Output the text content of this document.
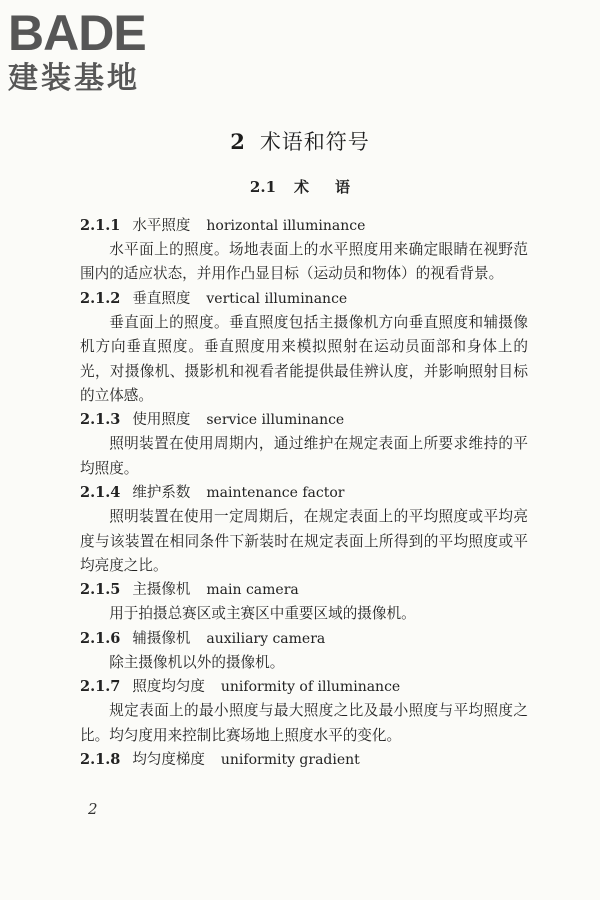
BADE
建装基地
2 术语和符号
2.1 术 语
2.1.1 水平照度 horizontal illuminance

水平面上的照度。场地表面上的水平照度用来确定眼睛在视野范围内的适应状态，并用作凸显目标（运动员和物体）的视看背景。

2.1.2 垂直照度 vertical illuminance

垂直面上的照度。垂直照度包括主摄像机方向垂直照度和辅摄像机方向垂直照度。垂直照度用来模拟照射在运动员面部和身体上的光，对摄像机、摄影机和视看者能提供最佳辨认度，并影响照射目标的立体感。

2.1.3 使用照度 service illuminance

照明装置在使用周期内，通过维护在规定表面上所要求维持的平均照度。

2.1.4 维护系数 maintenance factor

照明装置在使用一定周期后，在规定表面上的平均照度或平均亮度与该装置在相同条件下新装时在规定表面上所得到的平均照度或平均亮度之比。

2.1.5 主摄像机 main camera

用于拍摄总赛区或主赛区中重要区域的摄像机。

2.1.6 辅摄像机 auxiliary camera

除主摄像机以外的摄像机。

2.1.7 照度均匀度 uniformity of illuminance

规定表面上的最小照度与最大照度之比及最小照度与平均照度之比。均匀度用来控制比赛场地上照度水平的变化。

2.1.8 均匀度梯度 uniformity gradient
2
